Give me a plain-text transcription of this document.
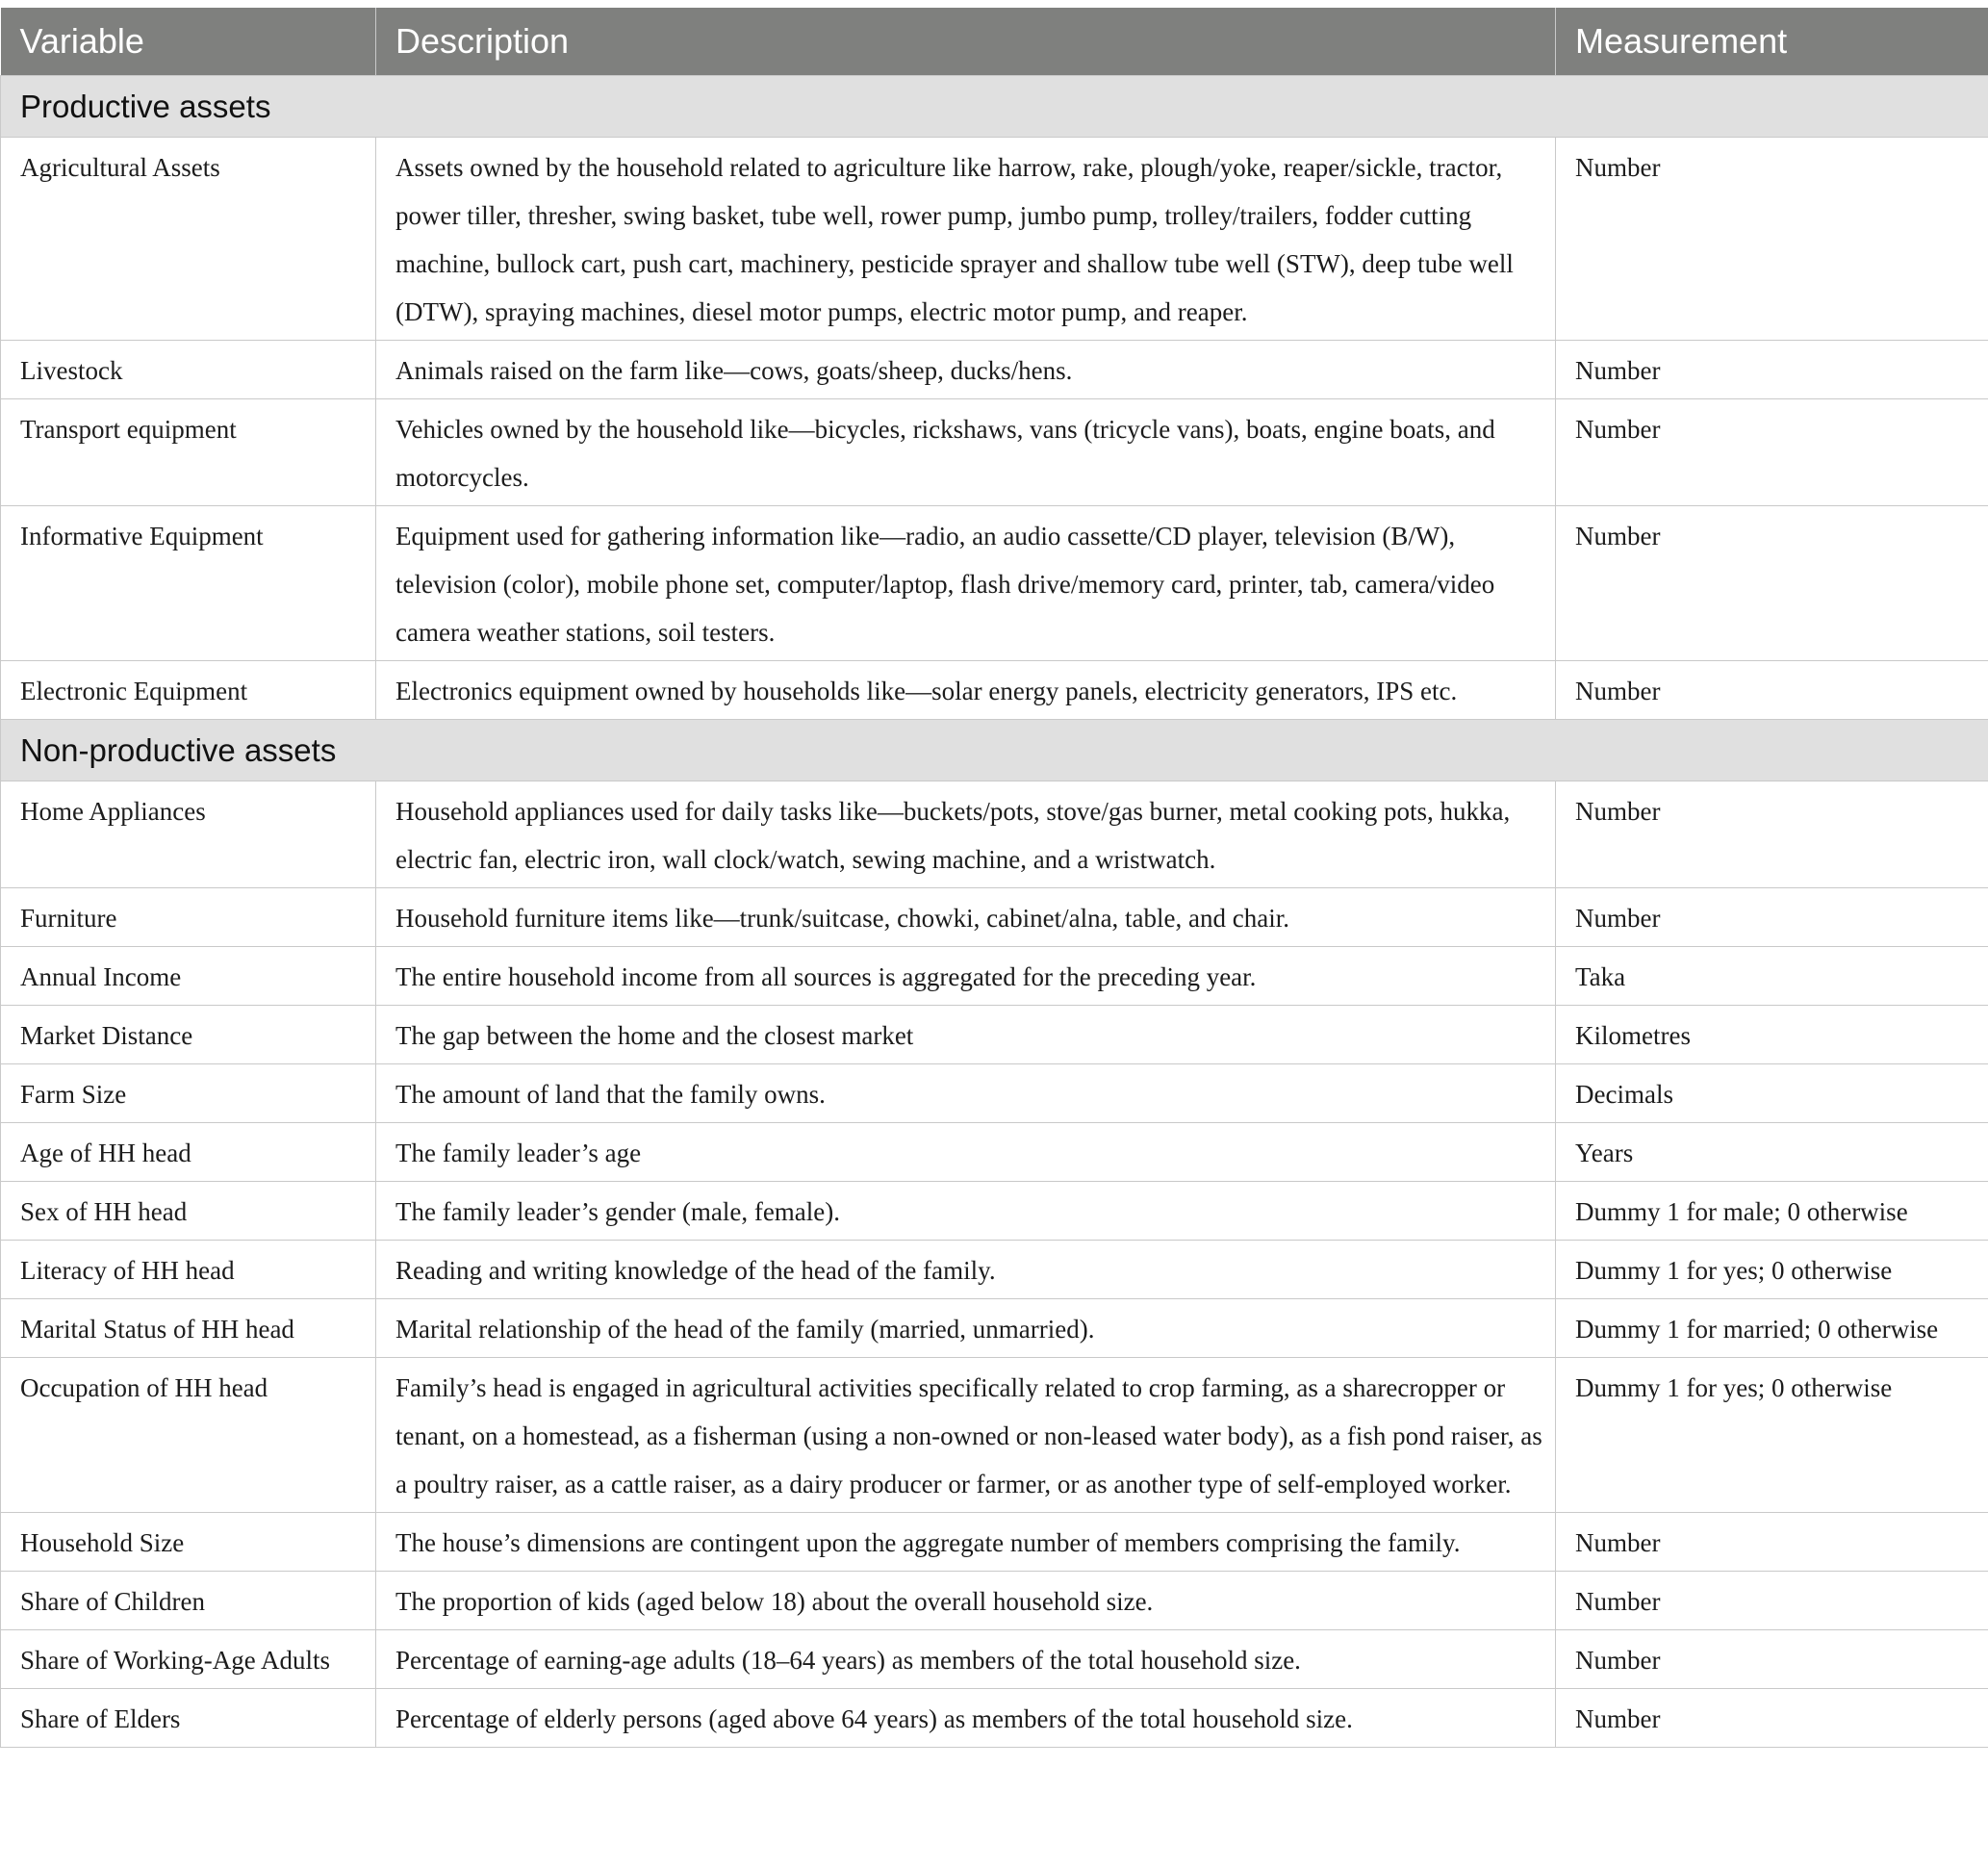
Variable	Description	Measurement
Productive assets		
Agricultural Assets	Assets owned by the household related to agriculture like harrow, rake, plough/yoke, reaper/sickle, tractor, power tiller, thresher, swing basket, tube well, rower pump, jumbo pump, trolley/trailers, fodder cutting machine, bullock cart, push cart, machinery, pesticide sprayer and shallow tube well (STW), deep tube well (DTW), spraying machines, diesel motor pumps, electric motor pump, and reaper.	Number
Livestock	Animals raised on the farm like—cows, goats/sheep, ducks/hens.	Number
Transport equipment	Vehicles owned by the household like—bicycles, rickshaws, vans (tricycle vans), boats, engine boats, and motorcycles.	Number
Informative Equipment	Equipment used for gathering information like—radio, an audio cassette/CD player, television (B/W), television (color), mobile phone set, computer/laptop, flash drive/memory card, printer, tab, camera/video camera weather stations, soil testers.	Number
Electronic Equipment	Electronics equipment owned by households like—solar energy panels, electricity generators, IPS etc.	Number
Non-productive assets		
Home Appliances	Household appliances used for daily tasks like—buckets/pots, stove/gas burner, metal cooking pots, hukka, electric fan, electric iron, wall clock/watch, sewing machine, and a wristwatch.	Number
Furniture	Household furniture items like—trunk/suitcase, chowki, cabinet/alna, table, and chair.	Number
Annual Income	The entire household income from all sources is aggregated for the preceding year.	Taka
Market Distance	The gap between the home and the closest market	Kilometres
Farm Size	The amount of land that the family owns.	Decimals
Age of HH head	The family leader’s age	Years
Sex of HH head	The family leader’s gender (male, female).	Dummy 1 for male; 0 otherwise
Literacy of HH head	Reading and writing knowledge of the head of the family.	Dummy 1 for yes; 0 otherwise
Marital Status of HH head	Marital relationship of the head of the family (married, unmarried).	Dummy 1 for married; 0 otherwise
Occupation of HH head	Family’s head is engaged in agricultural activities specifically related to crop farming, as a sharecropper or tenant, on a homestead, as a fisherman (using a non-owned or non-leased water body), as a fish pond raiser, as a poultry raiser, as a cattle raiser, as a dairy producer or farmer, or as another type of self-employed worker.	Dummy 1 for yes; 0 otherwise
Household Size	The house’s dimensions are contingent upon the aggregate number of members comprising the family.	Number
Share of Children	The proportion of kids (aged below 18) about the overall household size.	Number
Share of Working-Age Adults	Percentage of earning-age adults (18–64 years) as members of the total household size.	Number
Share of Elders	Percentage of elderly persons (aged above 64 years) as members of the total household size.	Number
